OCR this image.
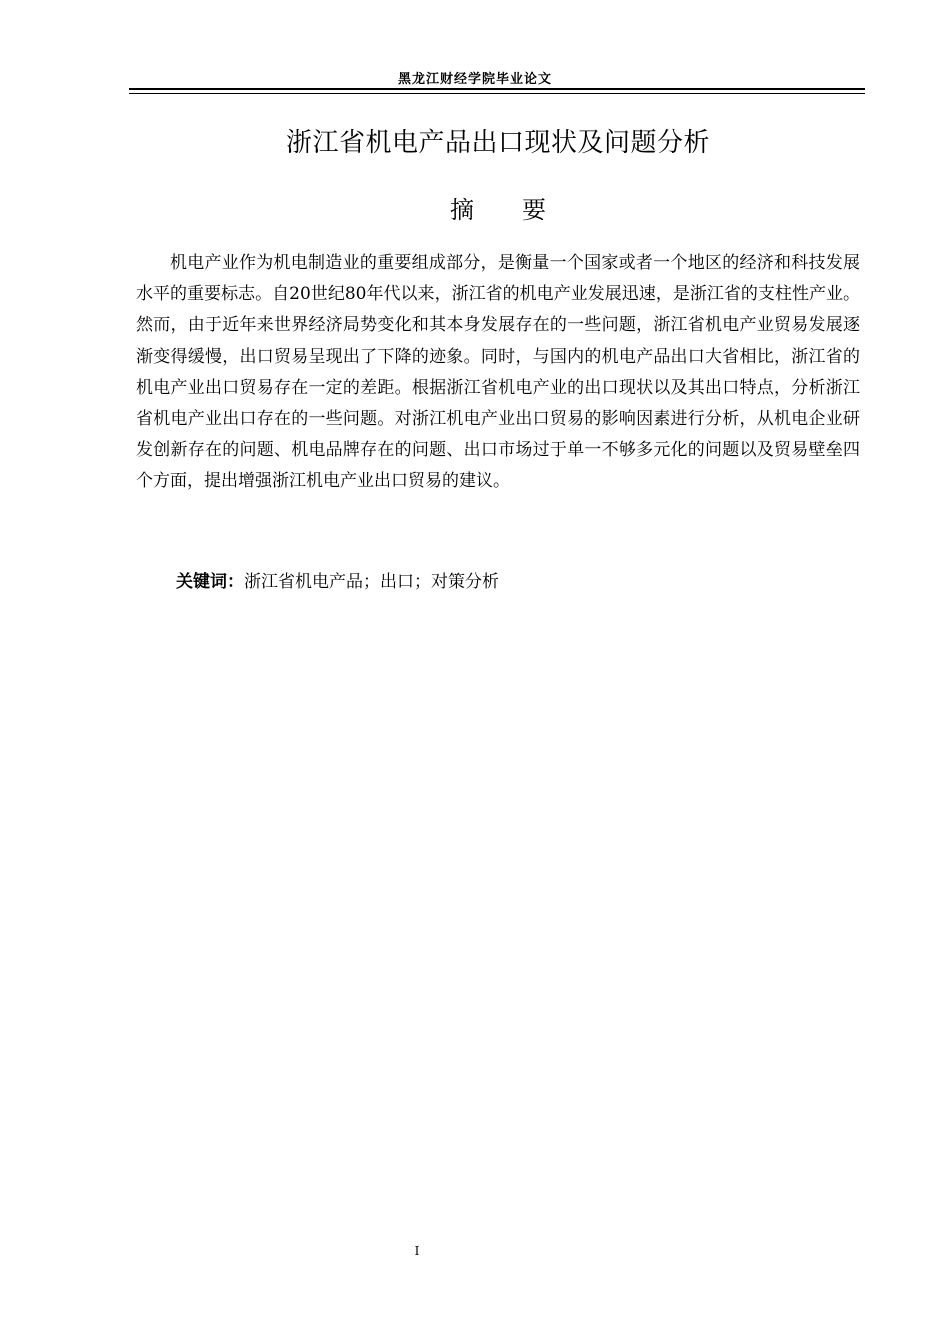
黑龙江财经学院毕业论文
浙江省机电产品出口现状及问题分析
摘 要

机电产业作为机电制造业的重要组成部分，是衡量一个国家或者一个地区的经济和科技发展水平的重要标志。自20世纪80年代以来，浙江省的机电产业发展迅速，是浙江省的支柱性产业。然而，由于近年来世界经济局势变化和其本身发展存在的一些问题，浙江省机电产业贸易发展逐渐变得缓慢，出口贸易呈现出了下降的迹象。同时，与国内的机电产品出口大省相比，浙江省的机电产业出口贸易存在一定的差距。根据浙江省机电产业的出口现状以及其出口特点，分析浙江省机电产业出口存在的一些问题。对浙江机电产业出口贸易的影响因素进行分析，从机电企业研发创新存在的问题、机电品牌存在的问题、出口市场过于单一不够多元化的问题以及贸易壁垒四个方面，提出增强浙江机电产业出口贸易的建议。

关键词：浙江省机电产品；出口；对策分析
I
